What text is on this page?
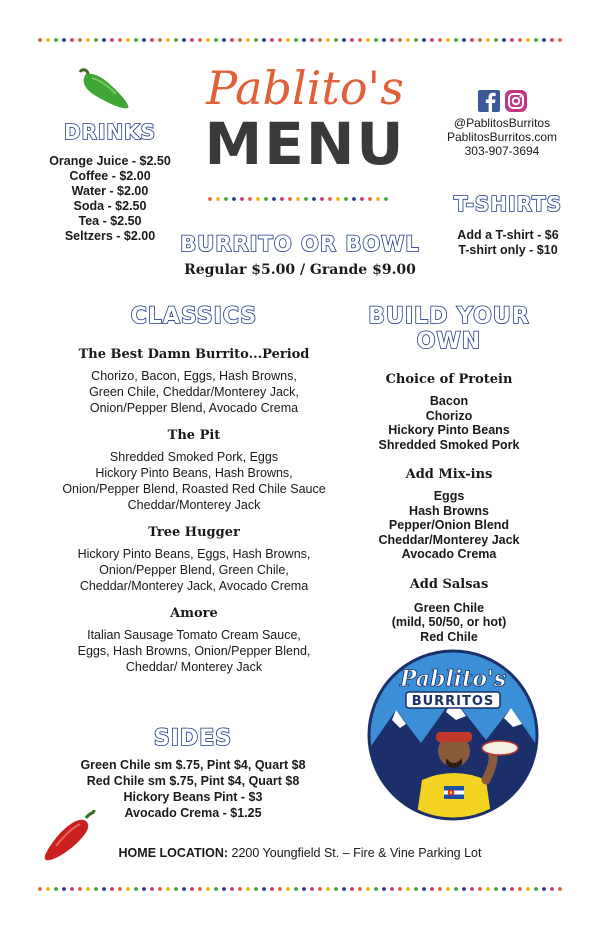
DRINKS
Orange Juice - $2.50
Coffee - $2.00
Water - $2.00
Soda - $2.50
Tea - $2.50
Seltzers - $2.00
Pablito's
MENU	@PablitosBurritos
PablitosBurritos.com
303-907-3694
T-SHIRTS
Add a T-shirt - $6
T-shirt only - $10
BURRITO OR BOWL
Regular $5.00 / Grande $9.00
CLASSICS

The Best Damn Burrito...Period

Chorizo, Bacon, Eggs, Hash Browns,
Green Chile, Cheddar/Monterey Jack,
Onion/Pepper Blend, Avocado Crema

The Pit

Shredded Smoked Pork, Eggs
Hickory Pinto Beans, Hash Browns,
Onion/Pepper Blend, Roasted Red Chile Sauce
Cheddar/Monterey Jack

Tree Hugger

Hickory Pinto Beans, Eggs, Hash Browns,
Onion/Pepper Blend, Green Chile,
Cheddar/Monterey Jack, Avocado Crema

Amore

Italian Sausage Tomato Cream Sauce,
Eggs, Hash Browns, Onion/Pepper Blend,
Cheddar/ Monterey Jack

BUILD YOUR OWN

Choice of Protein

Bacon
Chorizo
Hickory Pinto Beans
Shredded Smoked Pork

Add Mix-ins

Eggs
Hash Browns
Pepper/Onion Blend
Cheddar/Monterey Jack
Avocado Crema

Add Salsas

Green Chile
(mild, 50/50, or hot)
Red Chile
Pablito's
BURRITOS
SIDES
Green Chile sm $.75, Pint $4, Quart $8
Red Chile sm $.75, Pint $4, Quart $8
Hickory Beans Pint - $3
Avocado Crema - $1.25
HOME LOCATION: 2200 Youngfield St. – Fire & Vine Parking Lot
